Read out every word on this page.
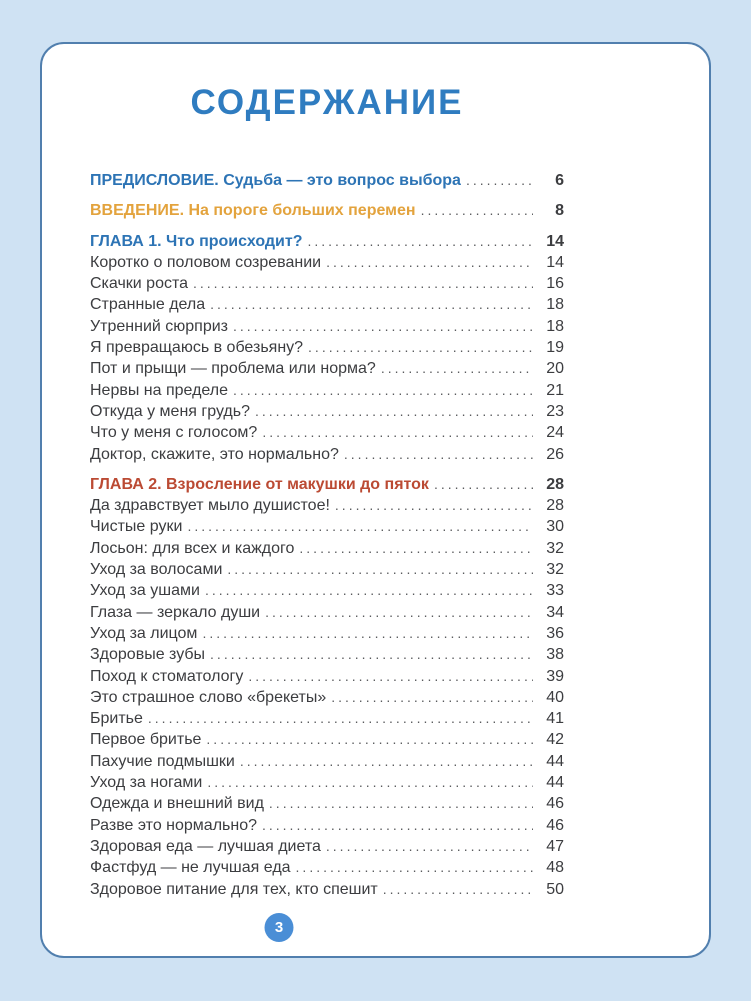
СОДЕРЖАНИЕ
ПРЕДИСЛОВИЕ. Судьба — это вопрос выбора .....	6
ВВЕДЕНИЕ. На пороге больших перемен .....	8
ГЛАВА 1. Что происходит? .....	14
Коротко о половом созревании .....	14
Скачки роста .....	16
Странные дела .....	18
Утренний сюрприз .....	18
Я превращаюсь в обезьяну? .....	19
Пот и прыщи — проблема или норма? .....	20
Нервы на пределе .....	21
Откуда у меня грудь? .....	23
Что у меня с голосом? .....	24
Доктор, скажите, это нормально? .....	26
ГЛАВА 2. Взросление от макушки до пяток .....	28
Да здравствует мыло душистое! .....	28
Чистые руки .....	30
Лосьон: для всех и каждого .....	32
Уход за волосами .....	32
Уход за ушами .....	33
Глаза — зеркало души .....	34
Уход за лицом .....	36
Здоровые зубы .....	38
Поход к стоматологу .....	39
Это страшное слово «брекеты» .....	40
Бритье .....	41
Первое бритье .....	42
Пахучие подмышки .....	44
Уход за ногами .....	44
Одежда и внешний вид .....	46
Разве это нормально? .....	46
Здоровая еда — лучшая диета .....	47
Фастфуд — не лучшая еда .....	48
Здоровое питание для тех, кто спешит .....	50
3
